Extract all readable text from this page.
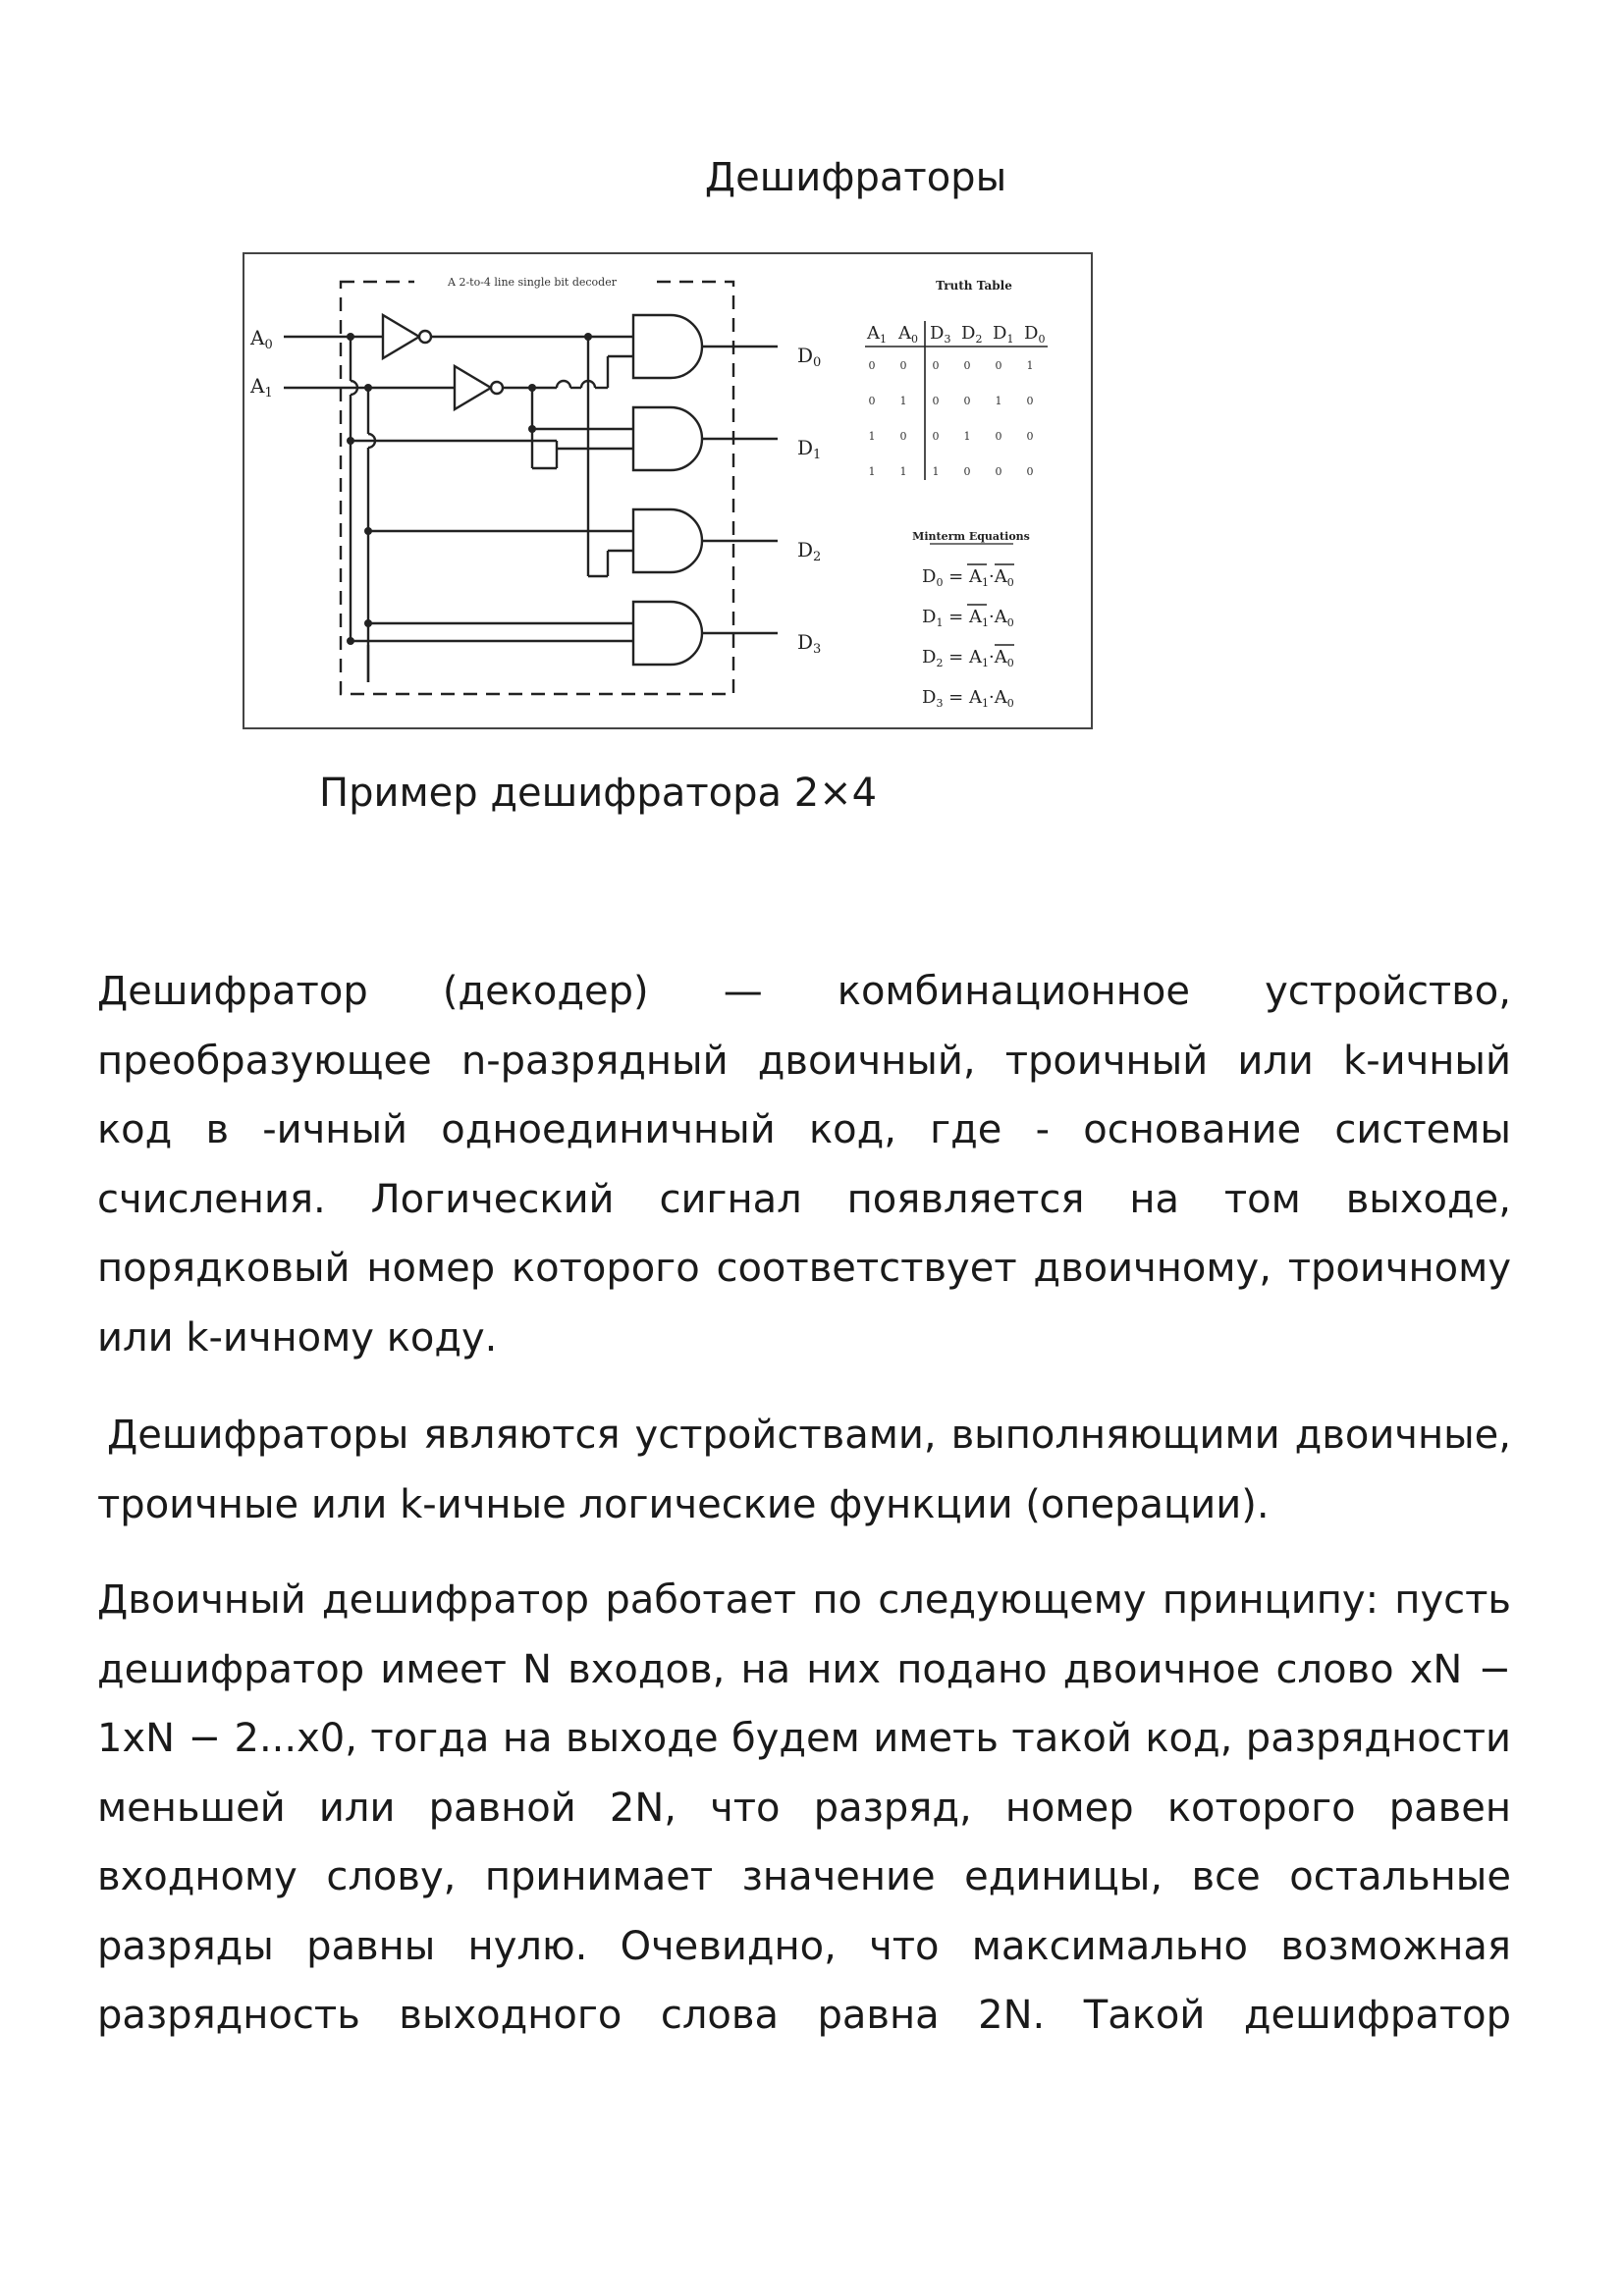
Дешифраторы
A 2-to-4 line single bit decoder
$A_0$
$A_1$
$D_0$
$D_1$
$D_2$
$D_3$
Truth Table
$A_1$ $A_0$ $D_3$ $D_2$ $D_1$ $D_0$
0 0 0 0 0 1
0 1 0 0 1 0
1 0 0 1 0 0
1 1 1 0 0 0
Minterm Equations
$D_0 = A_1\cdot A_0$
$D_1 = A_1\cdot A_0$
$D_2 = A_1\cdot A_0$
$D_3 = A_1\cdot A_0$
Пример дешифратора 2×4

Дешифратор (декодер) — комбинационное устройство, преобразующее n-разрядный двоичный, троичный или k-ичный код в -ичный одноединичный код, где - основание системы счисления. Логический сигнал появляется на том выходе, порядковый номер которого соответствует двоичному, троичному или k-ичному коду.

Дешифраторы являются устройствами, выполняющими двоичные, троичные или k-ичные логические функции (операции).

Двоичный дешифратор работает по следующему принципу: пусть дешифратор имеет N входов, на них подано двоичное слово xN − 1xN − 2...x0, тогда на выходе будем иметь такой код, разрядности меньшей или равной 2N, что разряд, номер которого равен входному слову, принимает значение единицы, все остальные разряды равны нулю. Очевидно, что максимально возможная разрядность выходного слова равна 2N. Такой дешифратор
